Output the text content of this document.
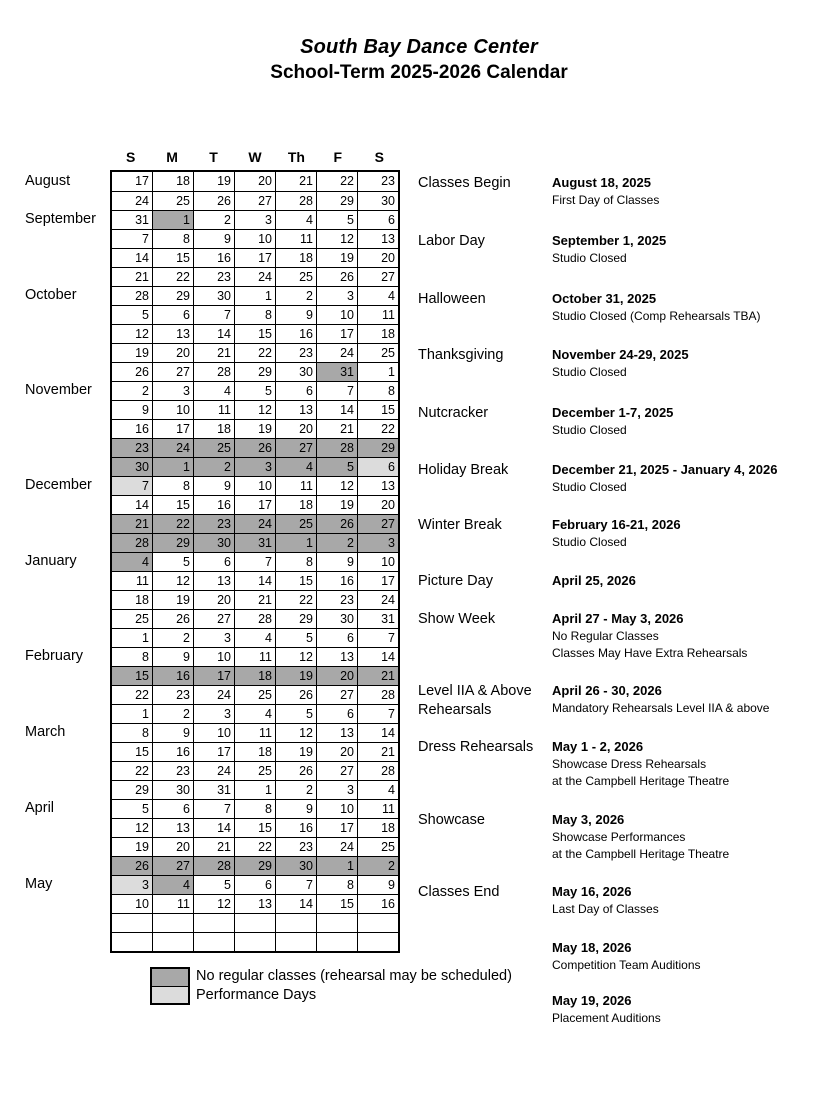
South Bay Dance Center
School-Term 2025-2026 Calendar
S	M	T	W	Th	F	S
17	18	19	20	21	22	23
24	25	26	27	28	29	30
31	1	2	3	4	5	6
7	8	9	10	11	12	13
14	15	16	17	18	19	20
21	22	23	24	25	26	27
28	29	30	1	2	3	4
5	6	7	8	9	10	11
12	13	14	15	16	17	18
19	20	21	22	23	24	25
26	27	28	29	30	31	1
2	3	4	5	6	7	8
9	10	11	12	13	14	15
16	17	18	19	20	21	22
23	24	25	26	27	28	29
30	1	2	3	4	5	6
7	8	9	10	11	12	13
14	15	16	17	18	19	20
21	22	23	24	25	26	27
28	29	30	31	1	2	3
4	5	6	7	8	9	10
11	12	13	14	15	16	17
18	19	20	21	22	23	24
25	26	27	28	29	30	31
1	2	3	4	5	6	7
8	9	10	11	12	13	14
15	16	17	18	19	20	21
22	23	24	25	26	27	28
1	2	3	4	5	6	7
8	9	10	11	12	13	14
15	16	17	18	19	20	21
22	23	24	25	26	27	28
29	30	31	1	2	3	4
5	6	7	8	9	10	11
12	13	14	15	16	17	18
19	20	21	22	23	24	25
26	27	28	29	30	1	2
3	4	5	6	7	8	9
10	11	12	13	14	15	16
August
September
October
November
December
January
February
March
April
May
No regular classes (rehearsal may be scheduled)
Performance Days
Classes Begin	August 18, 2025
First Day of Classes
Labor Day	September 1, 2025
Studio Closed
Halloween	October 31, 2025
Studio Closed (Comp Rehearsals TBA)
Thanksgiving	November 24-29, 2025
Studio Closed
Nutcracker	December 1-7, 2025
Studio Closed
Holiday Break	December 21, 2025 - January 4, 2026
Studio Closed
Winter Break	February 16-21, 2026
Studio Closed
Picture Day	April 25, 2026
Show Week	April 27 - May 3, 2026
No Regular Classes
Classes May Have Extra Rehearsals
Level IIA & Above
Rehearsals
April 26 - 30, 2026
Mandatory Rehearsals Level IIA & above
Dress Rehearsals	May 1 - 2, 2026
Showcase Dress Rehearsals
at the Campbell Heritage Theatre
Showcase	May 3, 2026
Showcase Performances
at the Campbell Heritage Theatre
Classes End	May 16, 2026
Last Day of Classes
May 18, 2026
Competition Team Auditions
May 19, 2026
Placement Auditions
